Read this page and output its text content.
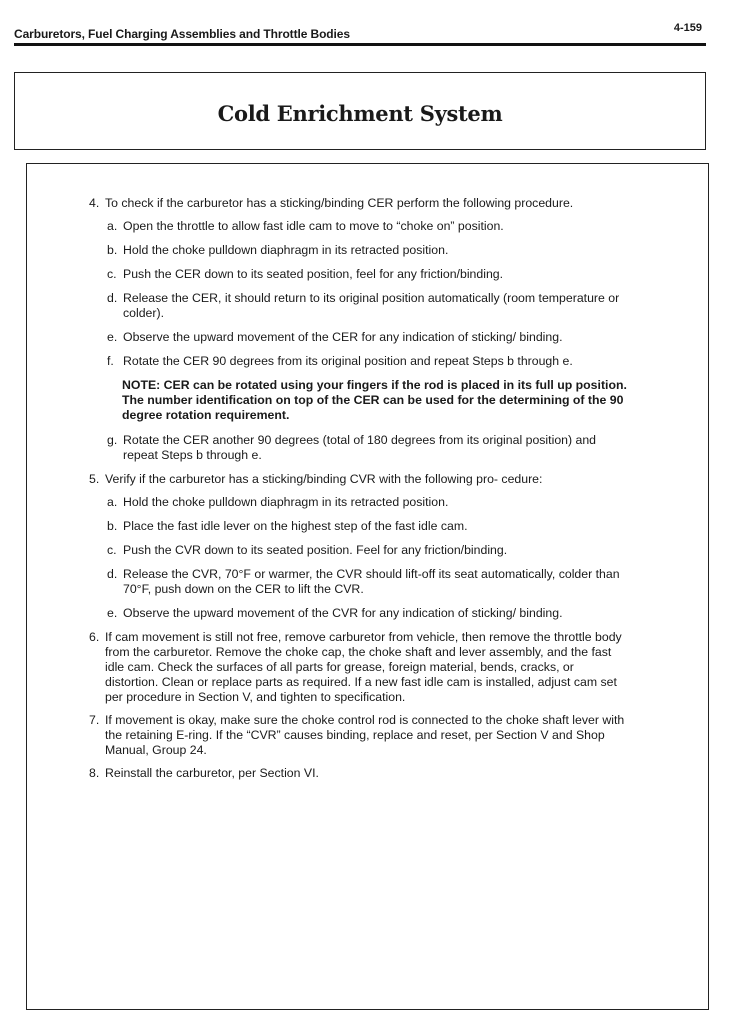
Carburetors, Fuel Charging Assemblies and Throttle Bodies	4-159
Cold Enrichment System
4. To check if the carburetor has a sticking/binding CER perform the following procedure.
a. Open the throttle to allow fast idle cam to move to “choke on” position.
b. Hold the choke pulldown diaphragm in its retracted position.
c. Push the CER down to its seated position, feel for any friction/binding.
d. Release the CER, it should return to its original position automatically (room temperature or colder).
e. Observe the upward movement of the CER for any indication of sticking/ binding.
f. Rotate the CER 90 degrees from its original position and repeat Steps b through e.
NOTE: CER can be rotated using your fingers if the rod is placed in its full up position. The number identification on top of the CER can be used for the determining of the 90 degree rotation requirement.
g. Rotate the CER another 90 degrees (total of 180 degrees from its original position) and repeat Steps b through e.
5. Verify if the carburetor has a sticking/binding CVR with the following pro- cedure:
a. Hold the choke pulldown diaphragm in its retracted position.
b. Place the fast idle lever on the highest step of the fast idle cam.
c. Push the CVR down to its seated position. Feel for any friction/binding.
d. Release the CVR, 70°F or warmer, the CVR should lift-off its seat automatically, colder than 70°F, push down on the CER to lift the CVR.
e. Observe the upward movement of the CVR for any indication of sticking/ binding.
6. If cam movement is still not free, remove carburetor from vehicle, then remove the throttle body from the carburetor. Remove the choke cap, the choke shaft and lever assembly, and the fast idle cam. Check the surfaces of all parts for grease, foreign material, bends, cracks, or distortion. Clean or replace parts as required. If a new fast idle cam is installed, adjust cam set per procedure in Section V, and tighten to specification.
7. If movement is okay, make sure the choke control rod is connected to the choke shaft lever with the retaining E-ring. If the “CVR” causes binding, replace and reset, per Section V and Shop Manual, Group 24.
8. Reinstall the carburetor, per Section VI.
